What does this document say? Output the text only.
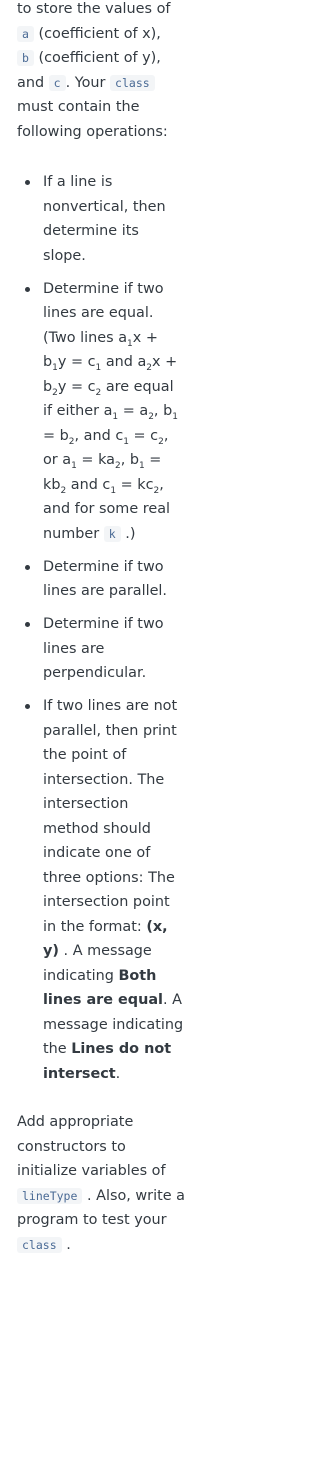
to store the values of
a (coefficient of x),
b (coefficient of y),
and c . Your class
must contain the following operations:

If a line is nonvertical, then determine its slope.
Determine if two lines are equal. (Two lines $a_1x + b_1y = c_1$ and $a_2x + b_2y = c_2$ are equal if either $a_1 = a_2$, $b_1 = b_2$, and $c_1 = c_2$, or $a_1 = ka_2$, $b_1 = kb_2$ and $c_1 = kc_2$, and for some real number k .)
Determine if two lines are parallel.
Determine if two lines are perpendicular.
If two lines are not parallel, then print the point of intersection. The intersection method should indicate one of three options: The intersection point in the format: (x, y) . A message indicating Both lines are equal. A message indicating the Lines do not intersect.

Add appropriate constructors to initialize variables of lineType . Also, write a program to test your class .
